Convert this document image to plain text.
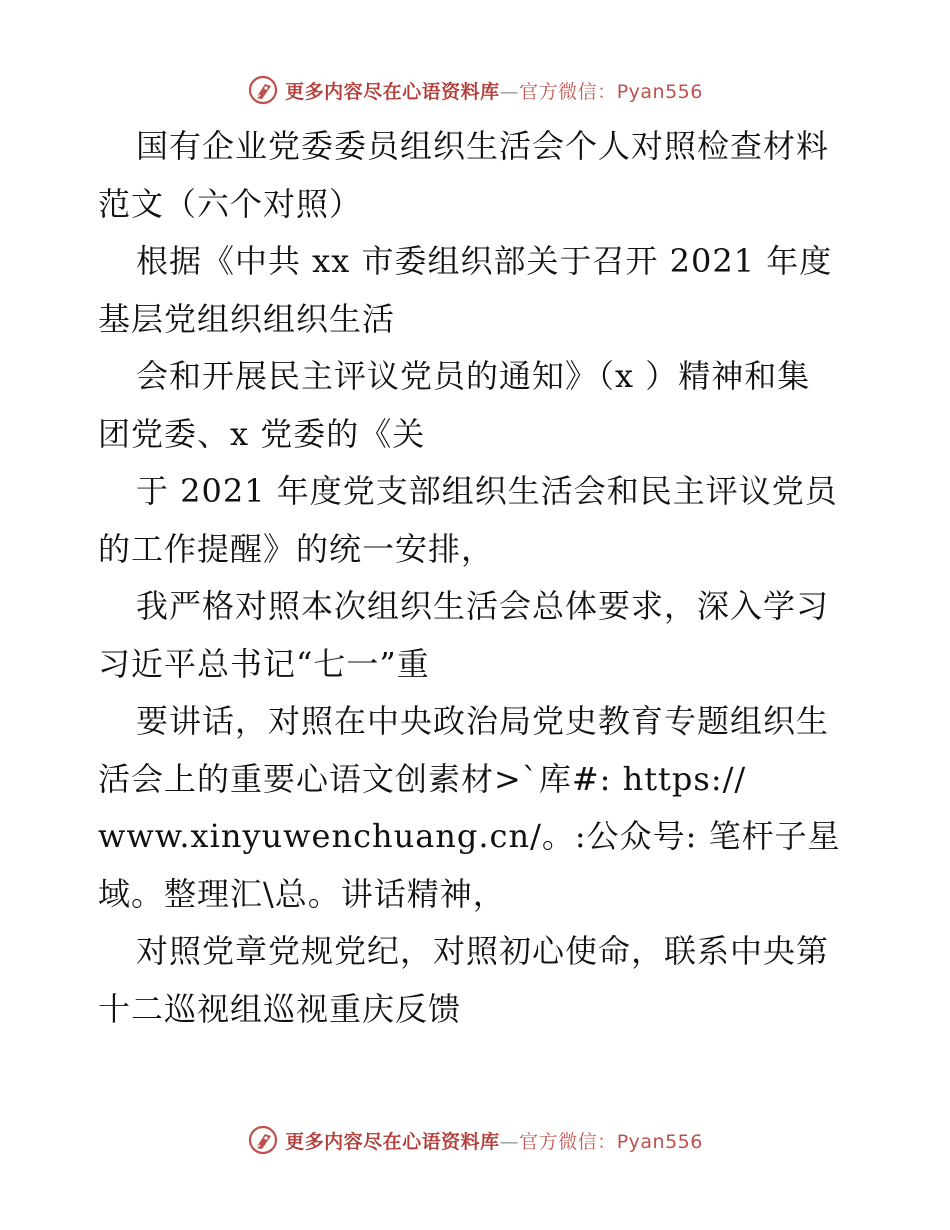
更多内容尽在心语资料库—官方微信：Pyan556
国有企业党委委员组织生活会个人对照检查材料
范文（六个对照）
根据《中共 xx 市委组织部关于召开 2021 年度
基层党组织组织生活
会和开展民主评议党员的通知》（x ）精神和集
团党委、x 党委的《关
于 2021 年度党支部组织生活会和民主评议党员
的工作提醒》的统一安排，
我严格对照本次组织生活会总体要求，深入学习
习近平总书记“七一”重
要讲话，对照在中央政治局党史教育专题组织生
活会上的重要心语文创素材>`库#: https://
www.xinyuwenchuang.cn/。:公众号: 笔杆子星
域。整理汇\总。讲话精神，
对照党章党规党纪，对照初心使命，联系中央第
十二巡视组巡视重庆反馈
更多内容尽在心语资料库—官方微信：Pyan556
